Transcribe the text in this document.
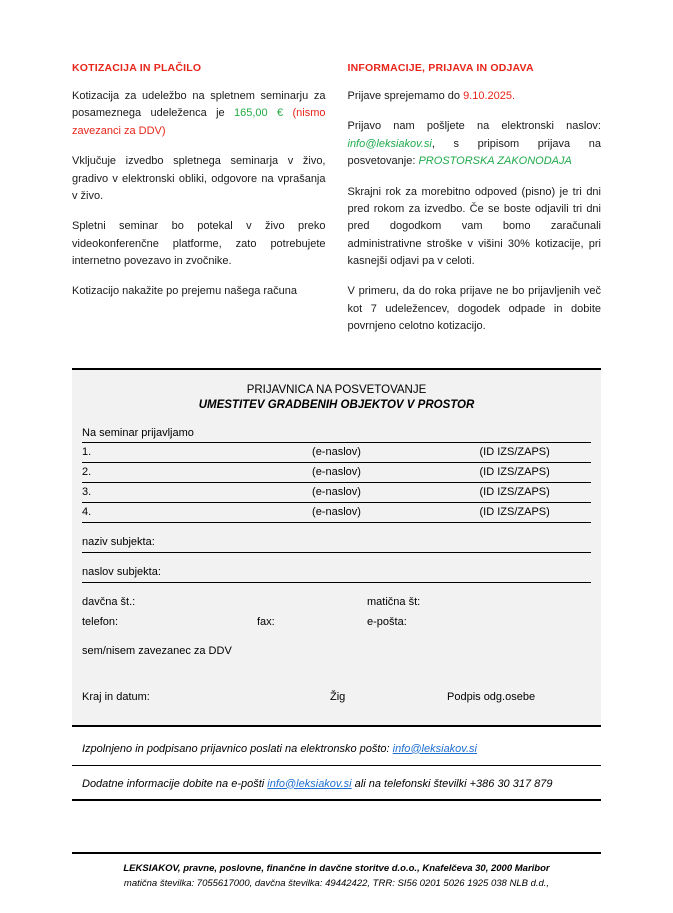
KOTIZACIJA IN PLAČILO
Kotizacija za udeležbo na spletnem seminarju za posameznega udeleženca je 165,00 € (nismo zavezanci za DDV)
Vključuje izvedbo spletnega seminarja v živo, gradivo v elektronski obliki, odgovore na vprašanja v živo.
Spletni seminar bo potekal v živo preko videokonferenčne platforme, zato potrebujete internetno povezavo in zvočnike.
Kotizacijo nakažite po prejemu našega računa
INFORMACIJE, PRIJAVA IN ODJAVA
Prijave sprejemamo do 9.10.2025.
Prijavo nam pošljete na elektronski naslov: info@leksiakov.si, s pripisom prijava na posvetovanje: PROSTORSKA ZAKONODAJA
Skrajni rok za morebitno odpoved (pisno) je tri dni pred rokom za izvedbo. Če se boste odjavili tri dni pred dogodkom vam bomo zaračunali administrativne stroške v višini 30% kotizacije, pri kasnejši odjavi pa v celoti.
V primeru, da do roka prijave ne bo prijavljenih več kot 7 udeležencev, dogodek odpade in dobite povrnjeno celotno kotizacijo.
PRIJAVNICA NA POSVETOVANJE
UMESTITEV GRADBENIH OBJEKTOV V PROSTOR
Na seminar prijavljamo
1.	(e-naslov)	(ID IZS/ZAPS)
2.	(e-naslov)	(ID IZS/ZAPS)
3.	(e-naslov)	(ID IZS/ZAPS)
4.	(e-naslov)	(ID IZS/ZAPS)
naziv subjekta:
naslov subjekta:
davčna št.:	matična št:
telefon:	fax:	e-pošta:
sem/nisem zavezanec za DDV
Kraj in datum:	Žig	Podpis odg.osebe
Izpolnjeno in podpisano prijavnico poslati na elektronsko pošto: info@leksiakov.si
Dodatne informacije dobite na e-pošti info@leksiakov.si ali na telefonski številki +386 30 317 879
LEKSIAKOV, pravne, poslovne, finančne in davčne storitve d.o.o., Knafelčeva 30, 2000 Maribor
matična številka: 7055617000, davčna številka: 49442422, TRR: SI56 0201 5026 1925 038 NLB d.d.,
